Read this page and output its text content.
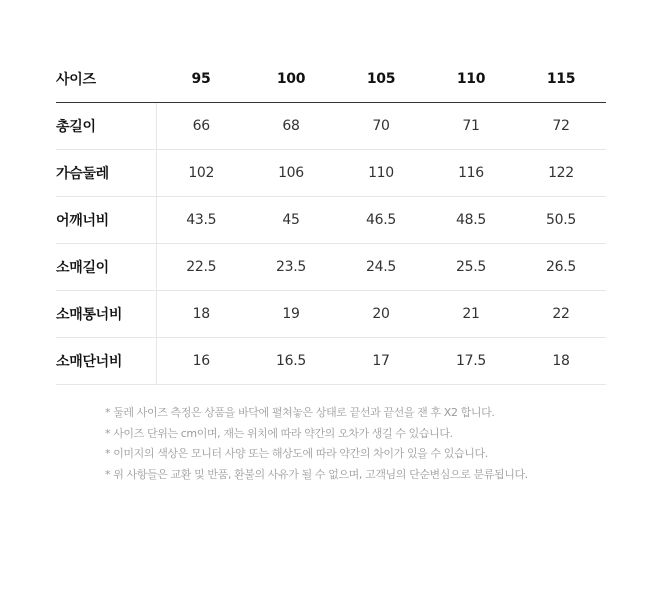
사이즈	95	100	105	110	115
총길이	66	68	70	71	72
가슴둘레	102	106	110	116	122
어깨너비	43.5	45	46.5	48.5	50.5
소매길이	22.5	23.5	24.5	25.5	26.5
소매통너비	18	19	20	21	22
소매단너비	16	16.5	17	17.5	18

* 둘레 사이즈 측정은 상품을 바닥에 펼쳐놓은 상태로 끝선과 끝선을 잰 후 X2 합니다.

* 사이즈 단위는 cm이며, 재는 위치에 따라 약간의 오차가 생길 수 있습니다.

* 이미지의 색상은 모니터 사양 또는 해상도에 따라 약간의 차이가 있을 수 있습니다.

* 위 사항들은 교환 및 반품, 환불의 사유가 될 수 없으며, 고객님의 단순변심으로 분류됩니다.
